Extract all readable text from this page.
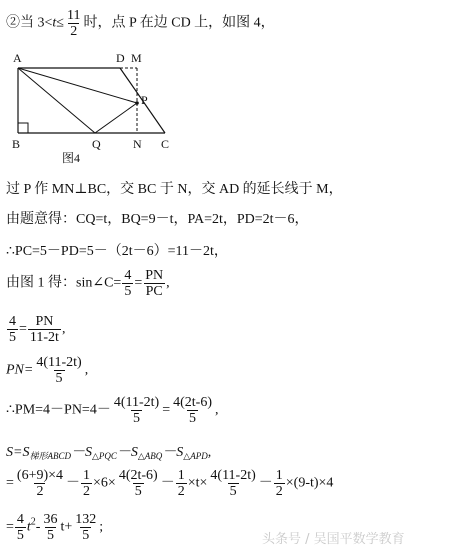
②当 $3<t\le \frac{11}{2}$ 时，点 P 在边 CD 上，如图 4，
A	D M
P
B	Q	N C
图4
过 P 作 MN⊥BC，交 BC 于 N，交 AD 的延长线于 M，
由题意得：CQ=t，BQ=9－t，PA=2t，PD=2t－6，
∴PC=5－PD=5－（2t－6）=11－2t，
由图 1 得：sin∠C= $\frac{4}{5} = \frac{PN}{PC}$ ,
$\frac{4}{5} = \frac{PN}{11-2t}$ ,
$PN= \frac{4(11-2t)}{5}$ ,
∴PM=4－PN=4－ $\frac{4(11-2t)}{5} = \frac{4(2t-6)}{5}$ ,
$S=S_{梯形ABCD}-S_{\triangle PQC}-S_{\triangle ABQ}-S_{\triangle APD}$,
= $\frac{(6+9)\times 4}{2} - \frac{1}{2} \times 6\times \frac{4(2t-6)}{5} - \frac{1}{2} \times t\times \frac{4(11-2t)}{5} - \frac{1}{2} \times(9-t)\times 4$
= $\frac{4}{5} t^2- \frac{36}{5} t+ \frac{132}{5}$ ;
头条号 / 吴国平数学教育
